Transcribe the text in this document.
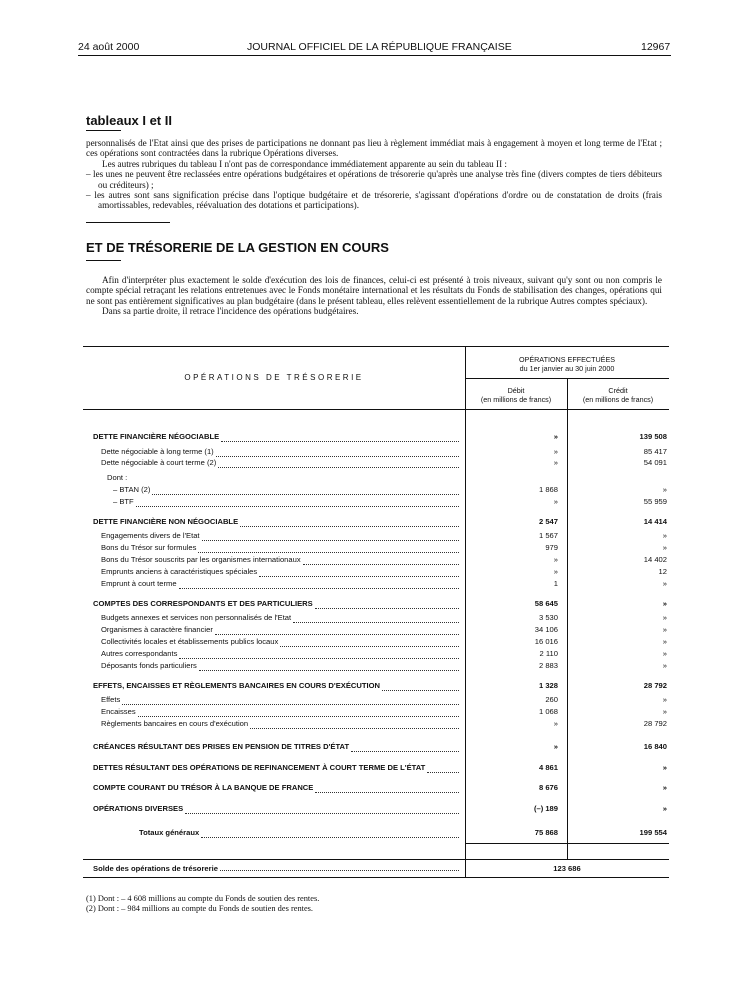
24 août 2000	JOURNAL OFFICIEL DE LA RÉPUBLIQUE FRANÇAISE	12967
tableaux I et II

personnalisés de l'Etat ainsi que des prises de participations ne donnant pas lieu à règlement immédiat mais à engagement à moyen et long terme de l'Etat ; ces opérations sont contractées dans la rubrique Opérations diverses.

Les autres rubriques du tableau I n'ont pas de correspondance immédiatement apparente au sein du tableau II :

– les unes ne peuvent être reclassées entre opérations budgétaires et opérations de trésorerie qu'après une analyse très fine (divers comptes de tiers débiteurs ou créditeurs) ;

– les autres sont sans signification précise dans l'optique budgétaire et de trésorerie, s'agissant d'opérations d'ordre ou de constatation de droits (frais amortissables, redevables, réévaluation des dotations et participations).

ET DE TRÉSORERIE DE LA GESTION EN COURS

Afin d'interpréter plus exactement le solde d'exécution des lois de finances, celui-ci est présenté à trois niveaux, suivant qu'y sont ou non compris le compte spécial retraçant les relations entretenues avec le Fonds monétaire international et les résultats du Fonds de stabilisation des changes, opérations qui ne sont pas entièrement significatives au plan budgétaire (dans le présent tableau, elles relèvent essentiellement de la rubrique Autres comptes spéciaux).

Dans sa partie droite, il retrace l'incidence des opérations budgétaires.

OPÉRATIONS DE TRÉSORERIE
OPÉRATIONS EFFECTUÉES
du 1er janvier au 30 juin 2000
Débit
(en millions de francs)
Crédit
(en millions de francs)
DETTE FINANCIÈRE NÉGOCIABLE	»	139 508
Dette négociable à long terme (1)	»	85 417
Dette négociable à court terme (2)	»	54 091
Dont :
– BTAN (2)	1 868	»
– BTF	»	55 959
DETTE FINANCIÈRE NON NÉGOCIABLE	2 547	14 414
Engagements divers de l'Etat	1 567	»
Bons du Trésor sur formules	979	»
Bons du Trésor souscrits par les organismes internationaux	»	14 402
Emprunts anciens à caractéristiques spéciales	»	12
Emprunt à court terme	1	»
COMPTES DES CORRESPONDANTS ET DES PARTICULIERS	58 645	»
Budgets annexes et services non personnalisés de l'Etat	3 530	»
Organismes à caractère financier	34 106	»
Collectivités locales et établissements publics locaux	16 016	»
Autres correspondants	2 110	»
Déposants fonds particuliers	2 883	»
EFFETS, ENCAISSES ET RÈGLEMENTS BANCAIRES EN COURS D'EXÉCUTION	1 328	28 792
Effets	260	»
Encaisses	1 068	»
Règlements bancaires en cours d'exécution	»	28 792
CRÉANCES RÉSULTANT DES PRISES EN PENSION DE TITRES D'ÉTAT	»	16 840
DETTES RÉSULTANT DES OPÉRATIONS DE REFINANCEMENT À COURT TERME DE L'ÉTAT	4 861	»
COMPTE COURANT DU TRÉSOR À LA BANQUE DE FRANCE	8 676	»
OPÉRATIONS DIVERSES	(–) 189	»
Totaux généraux	75 868	199 554
Solde des opérations de trésorerie	123 686
(1) Dont : – 4 608 millions au compte du Fonds de soutien des rentes.
(2) Dont : – 984 millions au compte du Fonds de soutien des rentes.
